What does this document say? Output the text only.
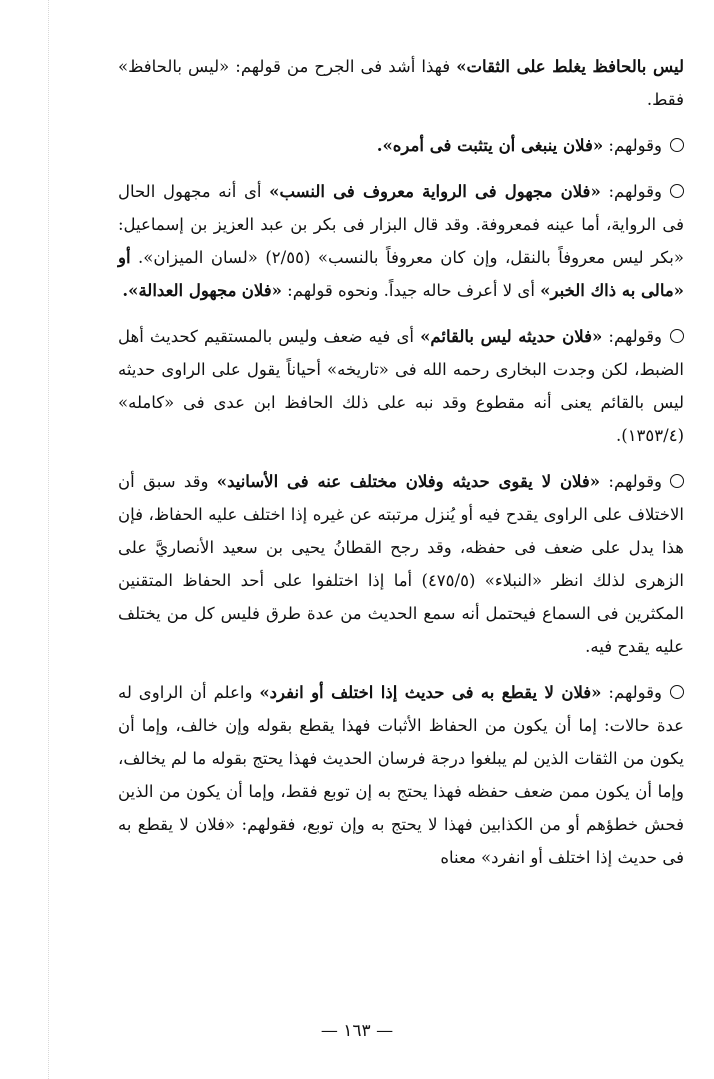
ليس بالحافظ يغلط على الثقات» فهذا أشد فى الجرح من قولهم: «ليس بالحافظ» فقط.

وقولهم: «فلان ينبغى أن يتثبت فى أمره».

وقولهم: «فلان مجهول فى الرواية معروف فى النسب» أى أنه مجهول الحال فى الرواية، أما عينه فمعروفة. وقد قال البزار فى بكر بن عبد العزيز بن إسماعيل: «بكر ليس معروفاً بالنقل، وإن كان معروفاً بالنسب» (٢/٥٥) «لسان الميزان». أو «مالى به ذاك الخبر» أى لا أعرف حاله جيداً. ونحوه قولهم: «فلان مجهول العدالة».

وقولهم: «فلان حديثه ليس بالقائم» أى فيه ضعف وليس بالمستقيم كحديث أهل الضبط، لكن وجدت البخارى رحمه الله فى «تاريخه» أحياناً يقول على الراوى حديثه ليس بالقائم يعنى أنه مقطوع وقد نبه على ذلك الحافظ ابن عدى فى «كامله» (١٣٥٣/٤).

وقولهم: «فلان لا يقوى حديثه وفلان مختلف عنه فى الأسانيد» وقد سبق أن الاختلاف على الراوى يقدح فيه أو يُنزل مرتبته عن غيره إذا اختلف عليه الحفاظ، فإن هذا يدل على ضعف فى حفظه، وقد رجح القطانُ يحيى بن سعيد الأنصاريَّ على الزهرى لذلك انظر «النبلاء» (٤٧٥/٥) أما إذا اختلفوا على أحد الحفاظ المتقنين المكثرين فى السماع فيحتمل أنه سمع الحديث من عدة طرق فليس كل من يختلف عليه يقدح فيه.

وقولهم: «فلان لا يقطع به فى حديث إذا اختلف أو انفرد» واعلم أن الراوى له عدة حالات: إما أن يكون من الحفاظ الأثبات فهذا يقطع بقوله وإن خالف، وإما أن يكون من الثقات الذين لم يبلغوا درجة فرسان الحديث فهذا يحتج بقوله ما لم يخالف، وإما أن يكون ممن ضعف حفظه فهذا يحتج به إن توبع فقط، وإما أن يكون من الذين فحش خطؤهم أو من الكذابين فهذا لا يحتج به وإن توبع، فقولهم: «فلان لا يقطع به فى حديث إذا اختلف أو انفرد» معناه

— ١٦٣ —
